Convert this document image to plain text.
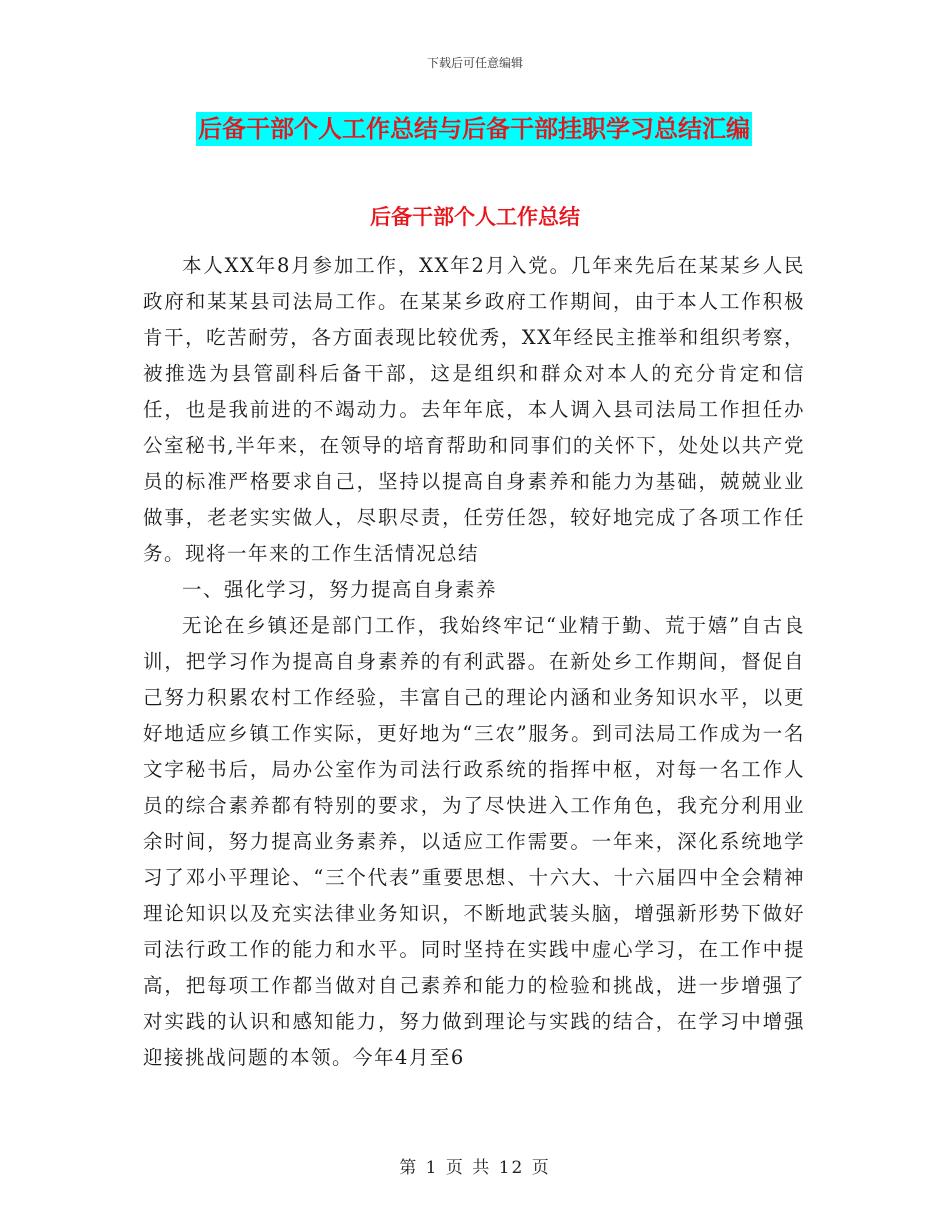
下载后可任意编辑
后备干部个人工作总结与后备干部挂职学习总结汇编
后备干部个人工作总结

本人XX年8月参加工作，XX年2月入党。几年来先后在某某乡人民政府和某某县司法局工作。在某某乡政府工作期间，由于本人工作积极肯干，吃苦耐劳，各方面表现比较优秀，XX年经民主推举和组织考察，被推选为县管副科后备干部，这是组织和群众对本人的充分肯定和信任，也是我前进的不竭动力。去年年底，本人调入县司法局工作担任办公室秘书,半年来，在领导的培育帮助和同事们的关怀下，处处以共产党员的标准严格要求自己，坚持以提高自身素养和能力为基础，兢兢业业做事，老老实实做人，尽职尽责，任劳任怨，较好地完成了各项工作任务。现将一年来的工作生活情况总结

一、强化学习，努力提高自身素养

无论在乡镇还是部门工作，我始终牢记“业精于勤、荒于嬉”自古良训，把学习作为提高自身素养的有利武器。在新处乡工作期间，督促自己努力积累农村工作经验，丰富自己的理论内涵和业务知识水平，以更好地适应乡镇工作实际，更好地为“三农”服务。到司法局工作成为一名文字秘书后，局办公室作为司法行政系统的指挥中枢，对每一名工作人员的综合素养都有特别的要求，为了尽快进入工作角色，我充分利用业余时间，努力提高业务素养，以适应工作需要。一年来，深化系统地学习了邓小平理论、“三个代表”重要思想、十六大、十六届四中全会精神理论知识以及充实法律业务知识，不断地武装头脑，增强新形势下做好司法行政工作的能力和水平。同时坚持在实践中虚心学习，在工作中提高，把每项工作都当做对自己素养和能力的检验和挑战，进一步增强了对实践的认识和感知能力，努力做到理论与实践的结合，在学习中增强迎接挑战问题的本领。今年4月至6

第 1 页 共 12 页
